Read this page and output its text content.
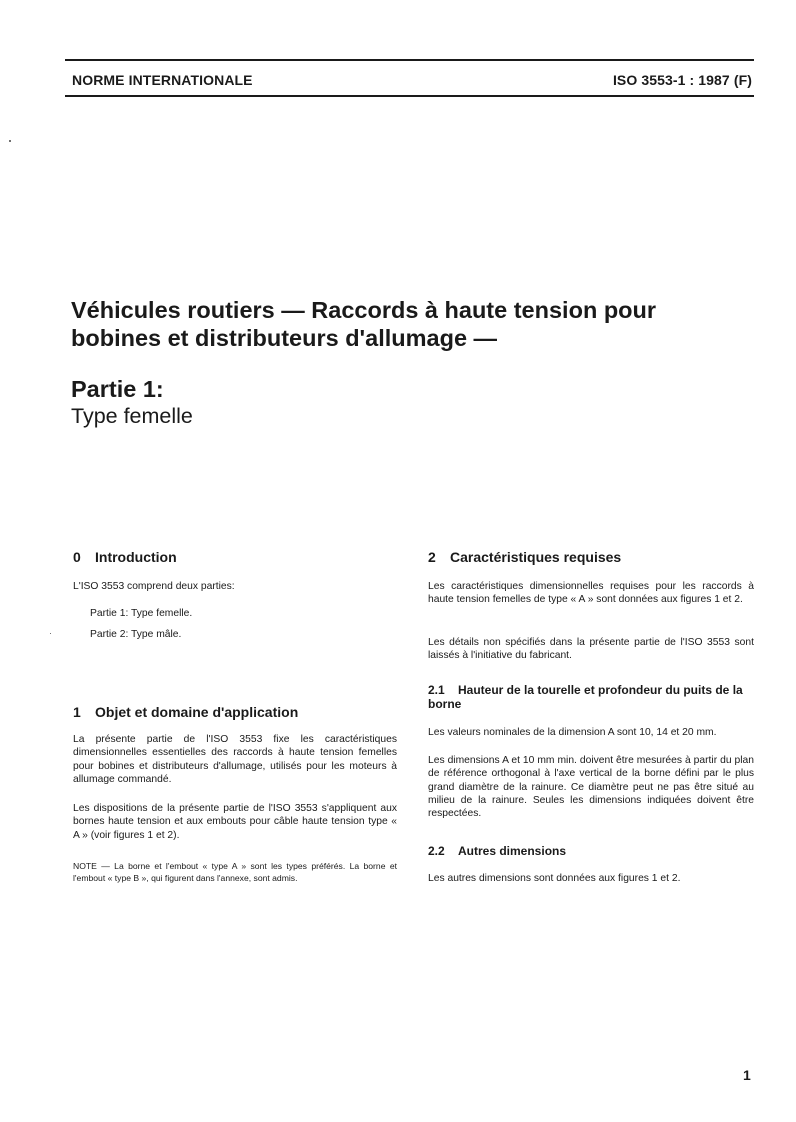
NORME INTERNATIONALE	ISO 3553-1 : 1987 (F)
Véhicules routiers — Raccords à haute tension pour bobines et distributeurs d'allumage —
Partie 1:
Type femelle
0 Introduction

L'ISO 3553 comprend deux parties:

Partie 1: Type femelle.

Partie 2: Type mâle.

1 Objet et domaine d'application

La présente partie de l'ISO 3553 fixe les caractéristiques dimensionnelles essentielles des raccords à haute tension femelles pour bobines et distributeurs d'allumage, utilisés pour les moteurs à allumage commandé.

Les dispositions de la présente partie de l'ISO 3553 s'appliquent aux bornes haute tension et aux embouts pour câble haute tension type « A » (voir figures 1 et 2).

NOTE — La borne et l'embout « type A » sont les types préférés. La borne et l'embout « type B », qui figurent dans l'annexe, sont admis.

2 Caractéristiques requises

Les caractéristiques dimensionnelles requises pour les raccords à haute tension femelles de type « A » sont données aux figures 1 et 2.

Les détails non spécifiés dans la présente partie de l'ISO 3553 sont laissés à l'initiative du fabricant.

2.1 Hauteur de la tourelle et profondeur du puits de la borne

Les valeurs nominales de la dimension A sont 10, 14 et 20 mm.

Les dimensions A et 10 mm min. doivent être mesurées à partir du plan de référence orthogonal à l'axe vertical de la borne défini par le plus grand diamètre de la rainure. Ce diamètre peut ne pas être situé au milieu de la rainure. Seules les dimensions indiquées doivent être respectées.

2.2 Autres dimensions

Les autres dimensions sont données aux figures 1 et 2.

1
